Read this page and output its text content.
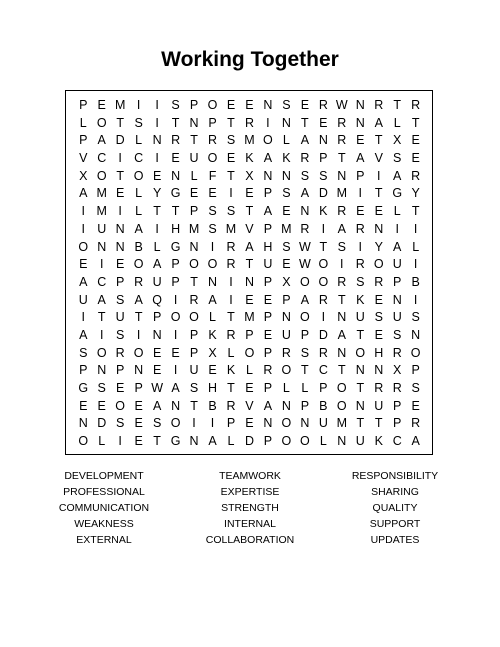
Working Together
P E M I	I	S P O E E N S E R W N R T R
L O T S	I	T N P T R I N T E R N A L T
P A D L N R T R S M O L A N R E T X E
V C I C I	E U O E K A K R P T A V S E
X O T O E N L F T X N N S S N P	I	A R
A M E L Y G E E	I	E P S A D M I	T G Y
I M I	L T T P S S T A E N K R E E L T
I U N A	I H M S M V P M R I	A R N I	I
O N N B L G N I R A H S W T S	I	Y A L
E	I	E O A P O O R T U E W O I R O U I
A C P R U P T N I N P X O O R S R P B
U A S A Q I R A	I	E E P A R T K E N I
I	T U T P O O L T M P N O I N U S U S
A	I	S	I N I	P K R P E U P D A T E S N
S O R O E E P X L O P R S R N O H R O
P N P N E	I U E K L R O T C T N N X P
G S E P W A S H T E P L L P O T R R S
E E O E A N T B R V A N P B O N U P E
N D S E S O I	I	P E N O N U M T T P R
O L	I	E T G N A L D P O O L N U K C A
DEVELOPMENT
PROFESSIONAL
COMMUNICATION
WEAKNESS
EXTERNAL
TEAMWORK
EXPERTISE
STRENGTH
INTERNAL
COLLABORATION
RESPONSIBILITY
SHARING
QUALITY
SUPPORT
UPDATES
